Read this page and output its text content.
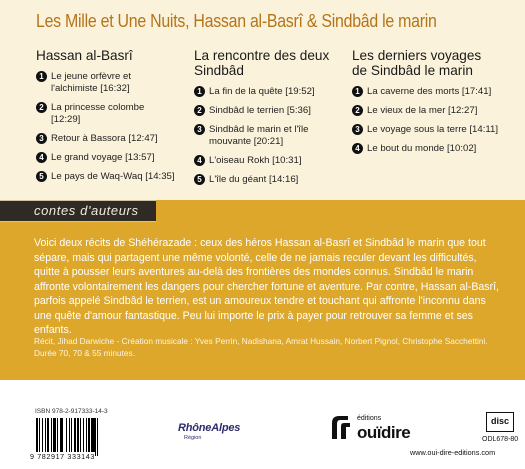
Les Mille et Une Nuits, Hassan al-Basrî & Sindbâd le marin
Hassan al-Basrî
1 Le jeune orfèvre et l'alchimiste [16:32]
2 La princesse colombe [12:29]
3 Retour à Bassora [12:47]
4 Le grand voyage [13:57]
5 Le pays de Waq-Waq [14:35]
La rencontre des deux Sindbâd
1 La fin de la quête [19:52]
2 Sindbâd le terrien [5:36]
3 Sindbâd le marin et l'île mouvante [20:21]
4 L'oiseau Rokh [10:31]
5 L'île du géant [14:16]
Les derniers voyages de Sindbâd le marin
1 La caverne des morts [17:41]
2 Le vieux de la mer [12:27]
3 Le voyage sous la terre [14:11]
4 Le bout du monde [10:02]
contes d'auteurs
Voici deux récits de Shéhérazade : ceux des héros Hassan al-Basrî et Sindbâd le marin que tout sépare, mais qui partagent une même volonté, celle de ne jamais reculer devant les difficultés, quitte à pousser leurs aventures au-delà des frontières des mondes connus. Sindbâd le marin affronte volontairement les dangers pour chercher fortune et aventure. Par contre, Hassan al-Basrî, parfois appelé Sindbâd le terrien, est un amoureux tendre et touchant qui affronte l'inconnu dans une quête d'amour fantastique. Peu lui importe le prix à payer pour retrouver sa femme et ses enfants.
Récit, Jihad Darwiche - Création musicale : Yves Perrin, Nadishana, Amrat Hussain, Norbert Pignol, Christophe Sacchettini. Durée 70, 70 & 55 minutes.
ISBN 978-2-917333-14-3
9 782917 333143
RhôneAlpes
Région
éditions
ouïdire
disc
ODL678-80
www.oui-dire-editions.com
